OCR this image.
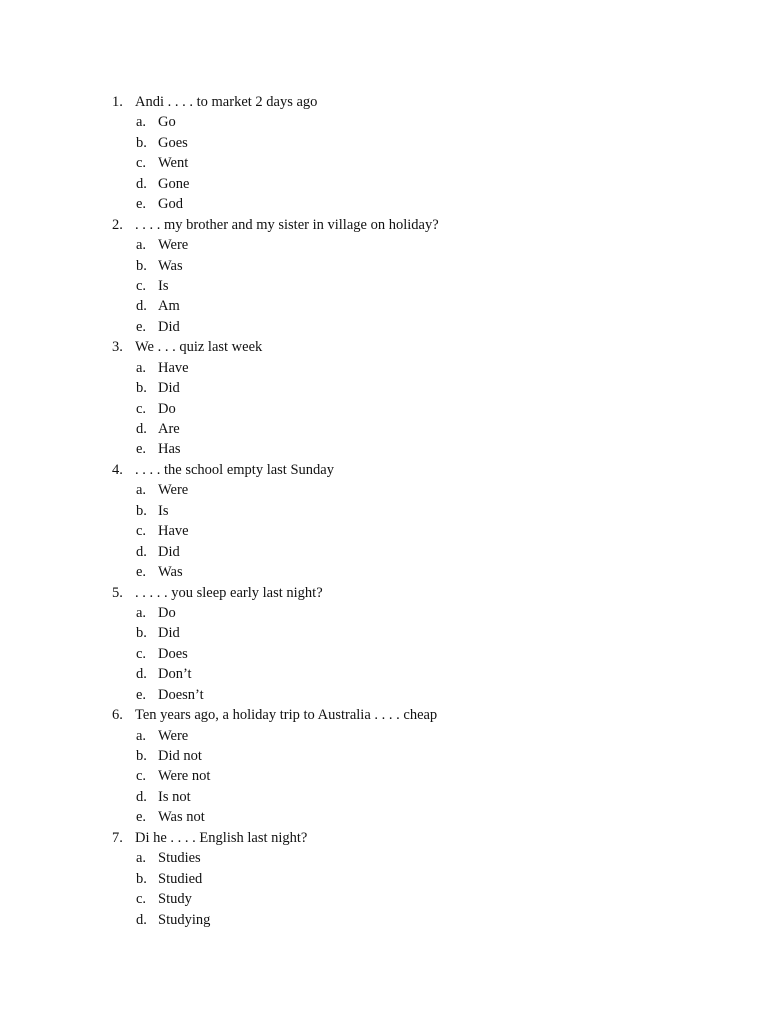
1. Andi . . . . to market 2 days ago
a. Go
b. Goes
c. Went
d. Gone
e. God
2. . . . . my brother and my sister in village on holiday?
a. Were
b. Was
c. Is
d. Am
e. Did
3. We . . . quiz last week
a. Have
b. Did
c. Do
d. Are
e. Has
4. . . . . the school empty last Sunday
a. Were
b. Is
c. Have
d. Did
e. Was
5. . . . . . you sleep early last night?
a. Do
b. Did
c. Does
d. Don’t
e. Doesn’t
6. Ten years ago, a holiday trip to Australia . . . . cheap
a. Were
b. Did not
c. Were not
d. Is not
e. Was not
7. Di he . . . . English last night?
a. Studies
b. Studied
c. Study
d. Studying
